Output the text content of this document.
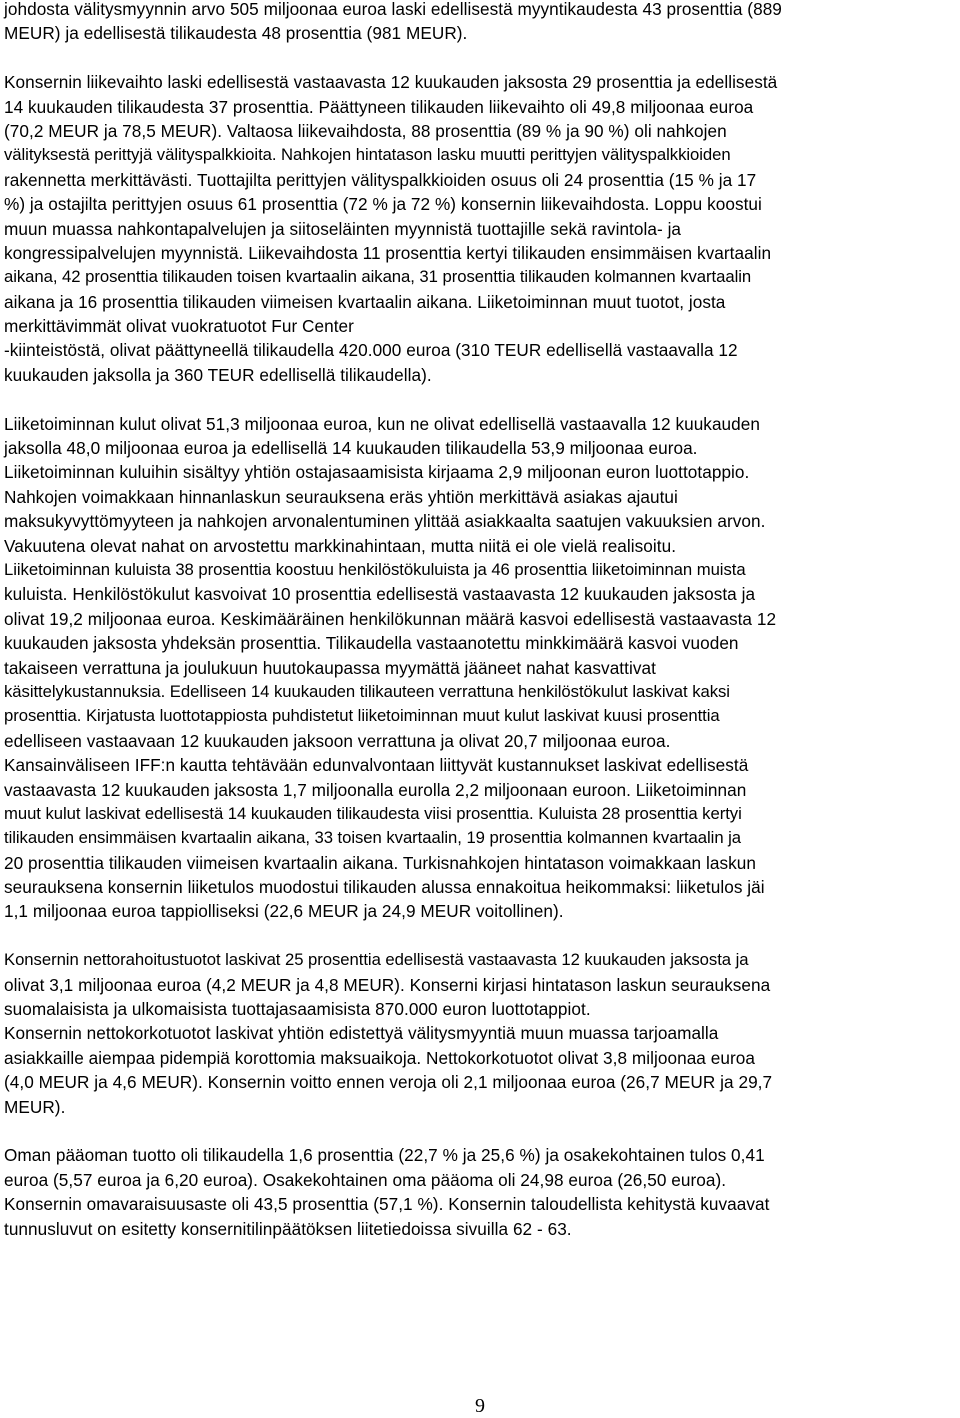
johdosta välitysmyynnin arvo 505 miljoonaa euroa laski edellisestä myyntikaudesta 43 prosenttia (889
MEUR) ja edellisestä tilikaudesta 48 prosenttia (981 MEUR).
Konsernin liikevaihto laski edellisestä vastaavasta 12 kuukauden jaksosta 29 prosenttia ja edellisestä
14 kuukauden tilikaudesta 37 prosenttia. Päättyneen tilikauden liikevaihto oli 49,8 miljoonaa euroa
(70,2 MEUR ja 78,5 MEUR). Valtaosa liikevaihdosta, 88 prosenttia (89 % ja 90 %) oli nahkojen
välityksestä perittyjä välityspalkkioita. Nahkojen hintatason lasku muutti perittyjen välityspalkkioiden
rakennetta merkittävästi. Tuottajilta perittyjen välityspalkkioiden osuus oli 24 prosenttia (15 % ja 17
%) ja ostajilta perittyjen osuus 61 prosenttia (72 % ja 72 %) konsernin liikevaihdosta. Loppu koostui
muun muassa nahkontapalvelujen ja siitoseläinten myynnistä tuottajille sekä ravintola- ja
kongressipalvelujen myynnistä. Liikevaihdosta 11 prosenttia kertyi tilikauden ensimmäisen kvartaalin
aikana, 42 prosenttia tilikauden toisen kvartaalin aikana, 31 prosenttia tilikauden kolmannen kvartaalin
aikana ja 16 prosenttia tilikauden viimeisen kvartaalin aikana. Liiketoiminnan muut tuotot, josta
merkittävimmät olivat vuokratuotot Fur Center
-kiinteistöstä, olivat päättyneellä tilikaudella 420.000 euroa (310 TEUR edellisellä vastaavalla 12
kuukauden jaksolla ja 360 TEUR edellisellä tilikaudella).
Liiketoiminnan kulut olivat 51,3 miljoonaa euroa, kun ne olivat edellisellä vastaavalla 12 kuukauden
jaksolla 48,0 miljoonaa euroa ja edellisellä 14 kuukauden tilikaudella 53,9 miljoonaa euroa.
Liiketoiminnan kuluihin sisältyy yhtiön ostajasaamisista kirjaama 2,9 miljoonan euron luottotappio.
Nahkojen voimakkaan hinnanlaskun seurauksena eräs yhtiön merkittävä asiakas ajautui
maksukyvyttömyyteen ja nahkojen arvonalentuminen ylittää asiakkaalta saatujen vakuuksien arvon.
Vakuutena olevat nahat on arvostettu markkinahintaan, mutta niitä ei ole vielä realisoitu.
Liiketoiminnan kuluista 38 prosenttia koostuu henkilöstökuluista ja 46 prosenttia liiketoiminnan muista
kuluista. Henkilöstökulut kasvoivat 10 prosenttia edellisestä vastaavasta 12 kuukauden jaksosta ja
olivat 19,2 miljoonaa euroa. Keskimääräinen henkilökunnan määrä kasvoi edellisestä vastaavasta 12
kuukauden jaksosta yhdeksän prosenttia. Tilikaudella vastaanotettu minkkimäärä kasvoi vuoden
takaiseen verrattuna ja joulukuun huutokaupassa myymättä jääneet nahat kasvattivat
käsittelykustannuksia. Edelliseen 14 kuukauden tilikauteen verrattuna henkilöstökulut laskivat kaksi
prosenttia. Kirjatusta luottotappiosta puhdistetut liiketoiminnan muut kulut laskivat kuusi prosenttia
edelliseen vastaavaan 12 kuukauden jaksoon verrattuna ja olivat 20,7 miljoonaa euroa.
Kansainväliseen IFF:n kautta tehtävään edunvalvontaan liittyvät kustannukset laskivat edellisestä
vastaavasta 12 kuukauden jaksosta 1,7 miljoonalla eurolla 2,2 miljoonaan euroon. Liiketoiminnan
muut kulut laskivat edellisestä 14 kuukauden tilikaudesta viisi prosenttia. Kuluista 28 prosenttia kertyi
tilikauden ensimmäisen kvartaalin aikana, 33 toisen kvartaalin, 19 prosenttia kolmannen kvartaalin ja
20 prosenttia tilikauden viimeisen kvartaalin aikana. Turkisnahkojen hintatason voimakkaan laskun
seurauksena konsernin liiketulos muodostui tilikauden alussa ennakoitua heikommaksi: liiketulos jäi
1,1 miljoonaa euroa tappiolliseksi (22,6 MEUR ja 24,9 MEUR voitollinen).
Konsernin nettorahoitustuotot laskivat 25 prosenttia edellisestä vastaavasta 12 kuukauden jaksosta ja
olivat 3,1 miljoonaa euroa (4,2 MEUR ja 4,8 MEUR). Konserni kirjasi hintatason laskun seurauksena
suomalaisista ja ulkomaisista tuottajasaamisista 870.000 euron luottotappiot.
Konsernin nettokorkotuotot laskivat yhtiön edistettyä välitysmyyntiä muun muassa tarjoamalla
asiakkaille aiempaa pidempiä korottomia maksuaikoja. Nettokorkotuotot olivat 3,8 miljoonaa euroa
(4,0 MEUR ja 4,6 MEUR). Konsernin voitto ennen veroja oli 2,1 miljoonaa euroa (26,7 MEUR ja 29,7
MEUR).
Oman pääoman tuotto oli tilikaudella 1,6 prosenttia (22,7 % ja 25,6 %) ja osakekohtainen tulos 0,41
euroa (5,57 euroa ja 6,20 euroa). Osakekohtainen oma pääoma oli 24,98 euroa (26,50 euroa).
Konsernin omavaraisuusaste oli 43,5 prosenttia (57,1 %). Konsernin taloudellista kehitystä kuvaavat
tunnusluvut on esitetty konsernitilinpäätöksen liitetiedoissa sivuilla 62 - 63.
9
